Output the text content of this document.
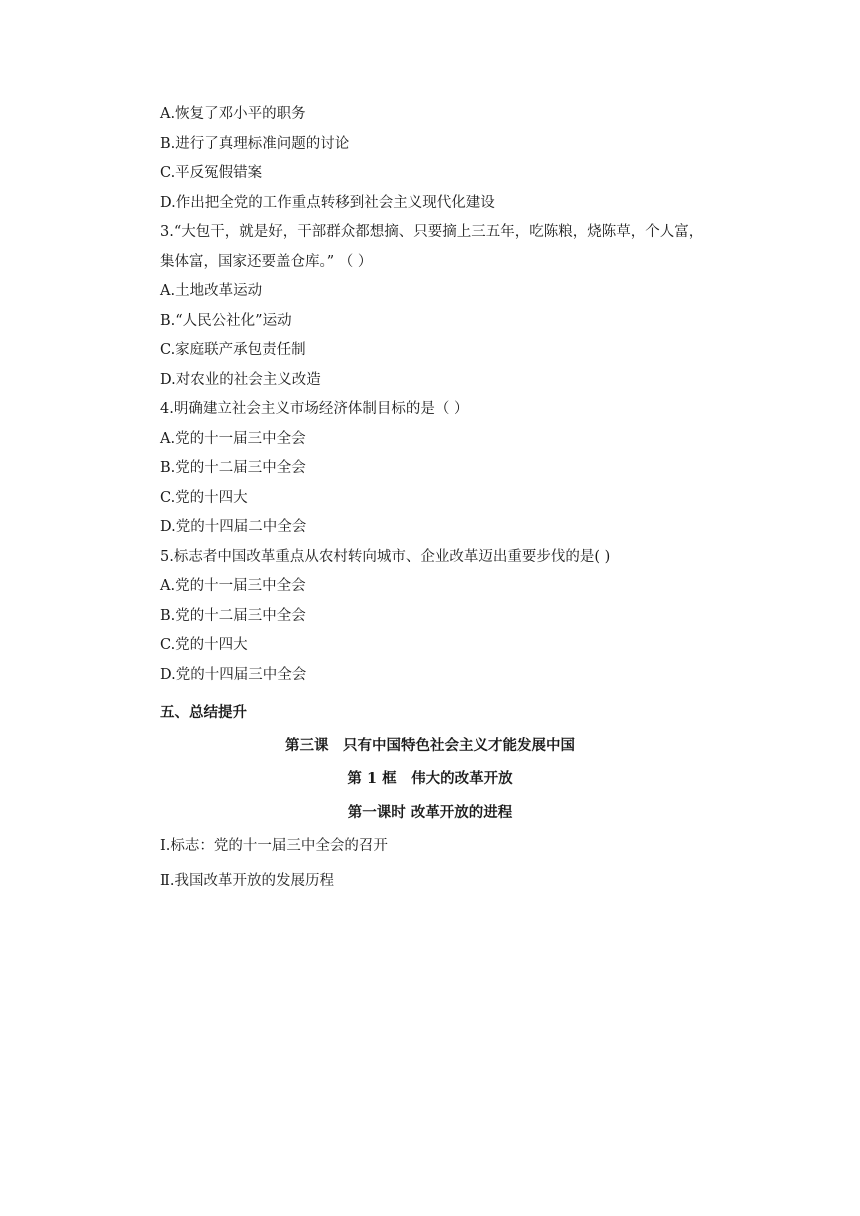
A.恢复了邓小平的职务
B.进行了真理标准问题的讨论
C.平反冤假错案
D.作出把全党的工作重点转移到社会主义现代化建设
3.“大包干，就是好，干部群众都想摘、只要摘上三五年，吃陈粮，烧陈草，个人富，
集体富，国家还要盖仓库。” （ ）
A.土地改革运动
B.“人民公社化”运动
C.家庭联产承包责任制
D.对农业的社会主义改造
4.明确建立社会主义市场经济体制目标的是（ ）
A.党的十一届三中全会
B.党的十二届三中全会
C.党的十四大
D.党的十四届二中全会
5.标志者中国改革重点从农村转向城市、企业改革迈出重要步伐的是( )
A.党的十一届三中全会
B.党的十二届三中全会
C.党的十四大
D.党的十四届三中全会
五、总结提升
第三课　只有中国特色社会主义才能发展中国
第 1 框　伟大的改革开放
第一课时 改革开放的进程
Ⅰ.标志：党的十一届三中全会的召开
Ⅱ.我国改革开放的发展历程
